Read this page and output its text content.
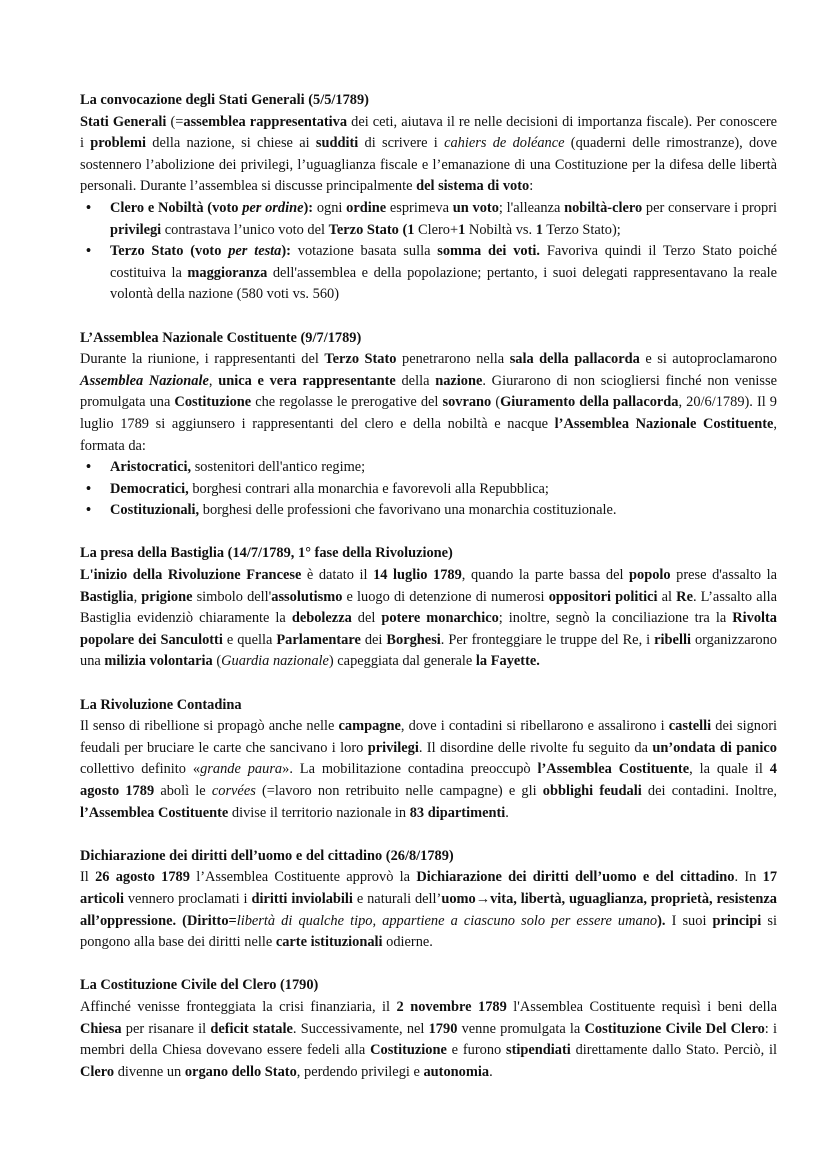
La convocazione degli Stati Generali (5/5/1789)

Stati Generali (=assemblea rappresentativa dei ceti, aiutava il re nelle decisioni di importanza fiscale). Per conoscere i problemi della nazione, si chiese ai sudditi di scrivere i cahiers de doléance (quaderni delle rimostranze), dove sostennero l’abolizione dei privilegi, l’uguaglianza fiscale e l’emanazione di una Costituzione per la difesa delle libertà personali. Durante l’assemblea si discusse principalmente del sistema di voto:

• Clero e Nobiltà (voto per ordine): ogni ordine esprimeva un voto; l'alleanza nobiltà-clero per conservare i propri privilegi contrastava l’unico voto del Terzo Stato (1 Clero+1 Nobiltà vs. 1 Terzo Stato);
• Terzo Stato (voto per testa): votazione basata sulla somma dei voti. Favoriva quindi il Terzo Stato poiché costituiva la maggioranza dell'assemblea e della popolazione; pertanto, i suoi delegati rappresentavano la reale volontà della nazione (580 voti vs. 560)

L’Assemblea Nazionale Costituente (9/7/1789)

Durante la riunione, i rappresentanti del Terzo Stato penetrarono nella sala della pallacorda e si autoproclamarono Assemblea Nazionale, unica e vera rappresentante della nazione. Giurarono di non sciogliersi finché non venisse promulgata una Costituzione che regolasse le prerogative del sovrano (Giuramento della pallacorda, 20/6/1789). Il 9 luglio 1789 si aggiunsero i rappresentanti del clero e della nobiltà e nacque l’Assemblea Nazionale Costituente, formata da:

• Aristocratici, sostenitori dell'antico regime;
• Democratici, borghesi contrari alla monarchia e favorevoli alla Repubblica;
• Costituzionali, borghesi delle professioni che favorivano una monarchia costituzionale.

La presa della Bastiglia (14/7/1789, 1° fase della Rivoluzione)

L'inizio della Rivoluzione Francese è datato il 14 luglio 1789, quando la parte bassa del popolo prese d'assalto la Bastiglia, prigione simbolo dell'assolutismo e luogo di detenzione di numerosi oppositori politici al Re. L’assalto alla Bastiglia evidenziò chiaramente la debolezza del potere monarchico; inoltre, segnò la conciliazione tra la Rivolta popolare dei Sanculotti e quella Parlamentare dei Borghesi. Per fronteggiare le truppe del Re, i ribelli organizzarono una milizia volontaria (Guardia nazionale) capeggiata dal generale la Fayette.

La Rivoluzione Contadina

Il senso di ribellione si propagò anche nelle campagne, dove i contadini si ribellarono e assalirono i castelli dei signori feudali per bruciare le carte che sancivano i loro privilegi. Il disordine delle rivolte fu seguito da un’ondata di panico collettivo definito «grande paura». La mobilitazione contadina preoccupò l’Assemblea Costituente, la quale il 4 agosto 1789 abolì le corvées (=lavoro non retribuito nelle campagne) e gli obblighi feudali dei contadini. Inoltre, l’Assemblea Costituente divise il territorio nazionale in 83 dipartimenti.

Dichiarazione dei diritti dell’uomo e del cittadino (26/8/1789)

Il 26 agosto 1789 l’Assemblea Costituente approvò la Dichiarazione dei diritti dell’uomo e del cittadino. In 17 articoli vennero proclamati i diritti inviolabili e naturali dell’uomo→vita, libertà, uguaglianza, proprietà, resistenza all’oppressione. (Diritto=libertà di qualche tipo, appartiene a ciascuno solo per essere umano). I suoi principi si pongono alla base dei diritti nelle carte istituzionali odierne.

La Costituzione Civile del Clero (1790)

Affinché venisse fronteggiata la crisi finanziaria, il 2 novembre 1789 l'Assemblea Costituente requisì i beni della Chiesa per risanare il deficit statale. Successivamente, nel 1790 venne promulgata la Costituzione Civile Del Clero: i membri della Chiesa dovevano essere fedeli alla Costituzione e furono stipendiati direttamente dallo Stato. Perciò, il Clero divenne un organo dello Stato, perdendo privilegi e autonomia.
